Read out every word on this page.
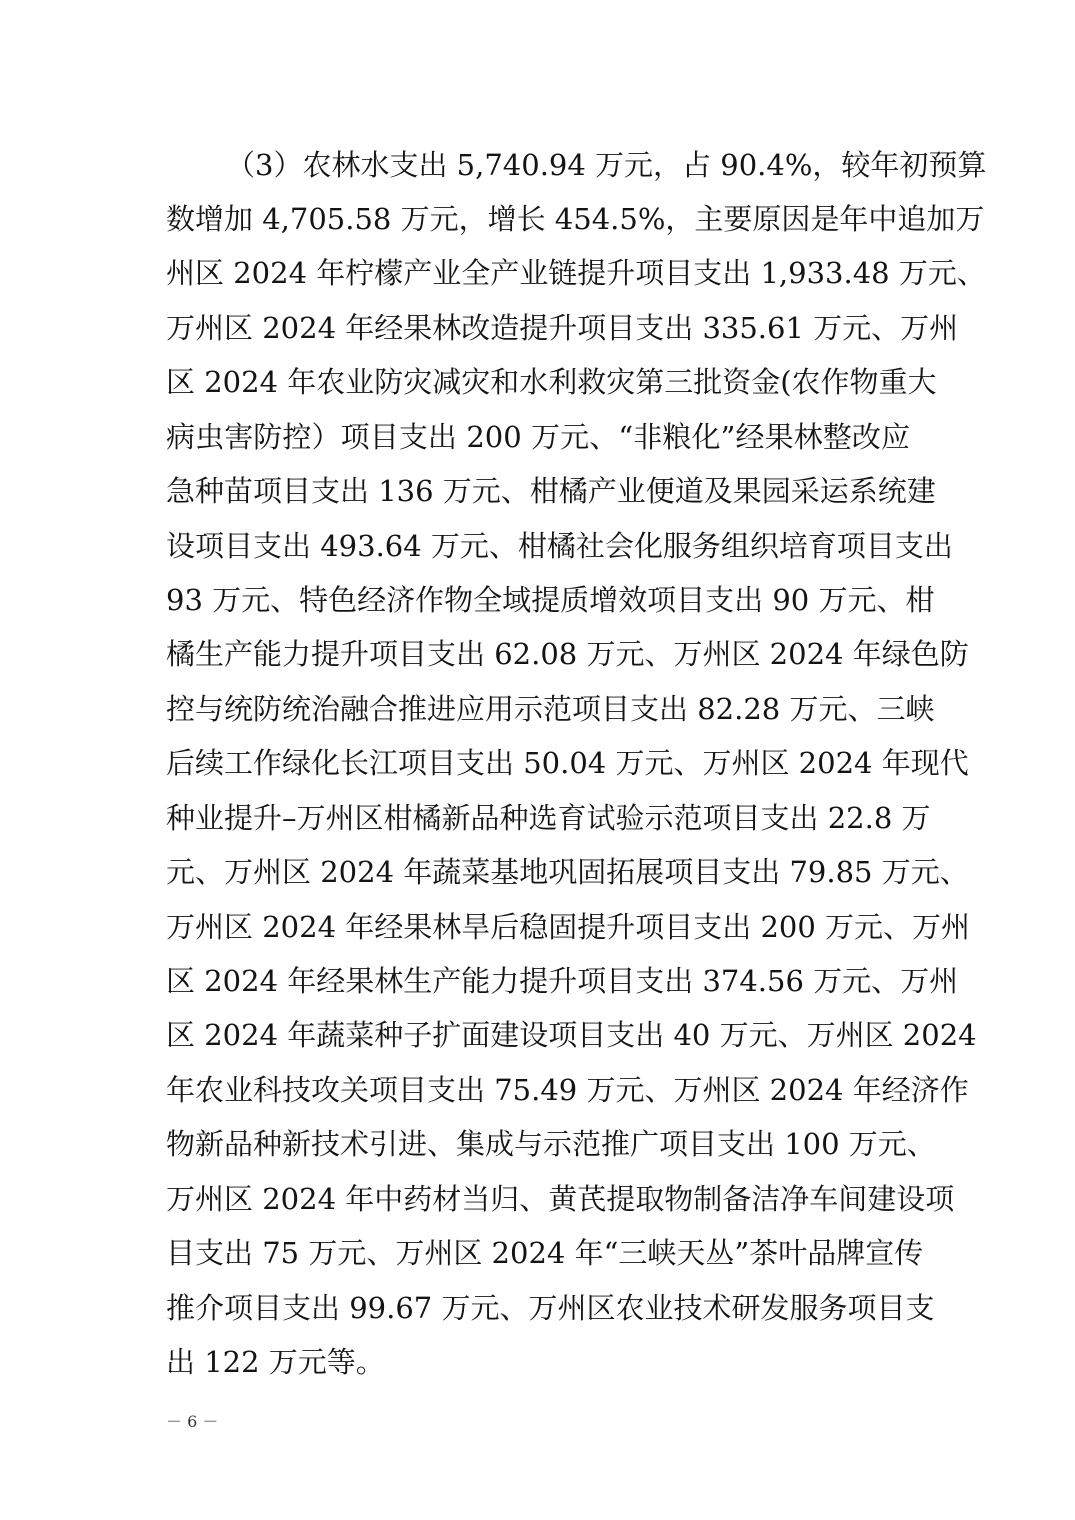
（3）农林水支出 5,740.94 万元，占 90.4%，较年初预算
数增加 4,705.58 万元，增长 454.5%，主要原因是年中追加万
州区 2024 年柠檬产业全产业链提升项目支出 1,933.48 万元、
万州区 2024 年经果林改造提升项目支出 335.61 万元、万州
区 2024 年农业防灾减灾和水利救灾第三批资金(农作物重大
病虫害防控）项目支出 200 万元、“非粮化”经果林整改应
急种苗项目支出 136 万元、柑橘产业便道及果园采运系统建
设项目支出 493.64 万元、柑橘社会化服务组织培育项目支出
93 万元、特色经济作物全域提质增效项目支出 90 万元、柑
橘生产能力提升项目支出 62.08 万元、万州区 2024 年绿色防
控与统防统治融合推进应用示范项目支出 82.28 万元、三峡
后续工作绿化长江项目支出 50.04 万元、万州区 2024 年现代
种业提升–万州区柑橘新品种选育试验示范项目支出 22.8 万
元、万州区 2024 年蔬菜基地巩固拓展项目支出 79.85 万元、
万州区 2024 年经果林旱后稳固提升项目支出 200 万元、万州
区 2024 年经果林生产能力提升项目支出 374.56 万元、万州
区 2024 年蔬菜种子扩面建设项目支出 40 万元、万州区 2024
年农业科技攻关项目支出 75.49 万元、万州区 2024 年经济作
物新品种新技术引进、集成与示范推广项目支出 100 万元、
万州区 2024 年中药材当归、黄芪提取物制备洁净车间建设项
目支出 75 万元、万州区 2024 年“三峡天丛”茶叶品牌宣传
推介项目支出 99.67 万元、万州区农业技术研发服务项目支
出 122 万元等。
－ 6 －
